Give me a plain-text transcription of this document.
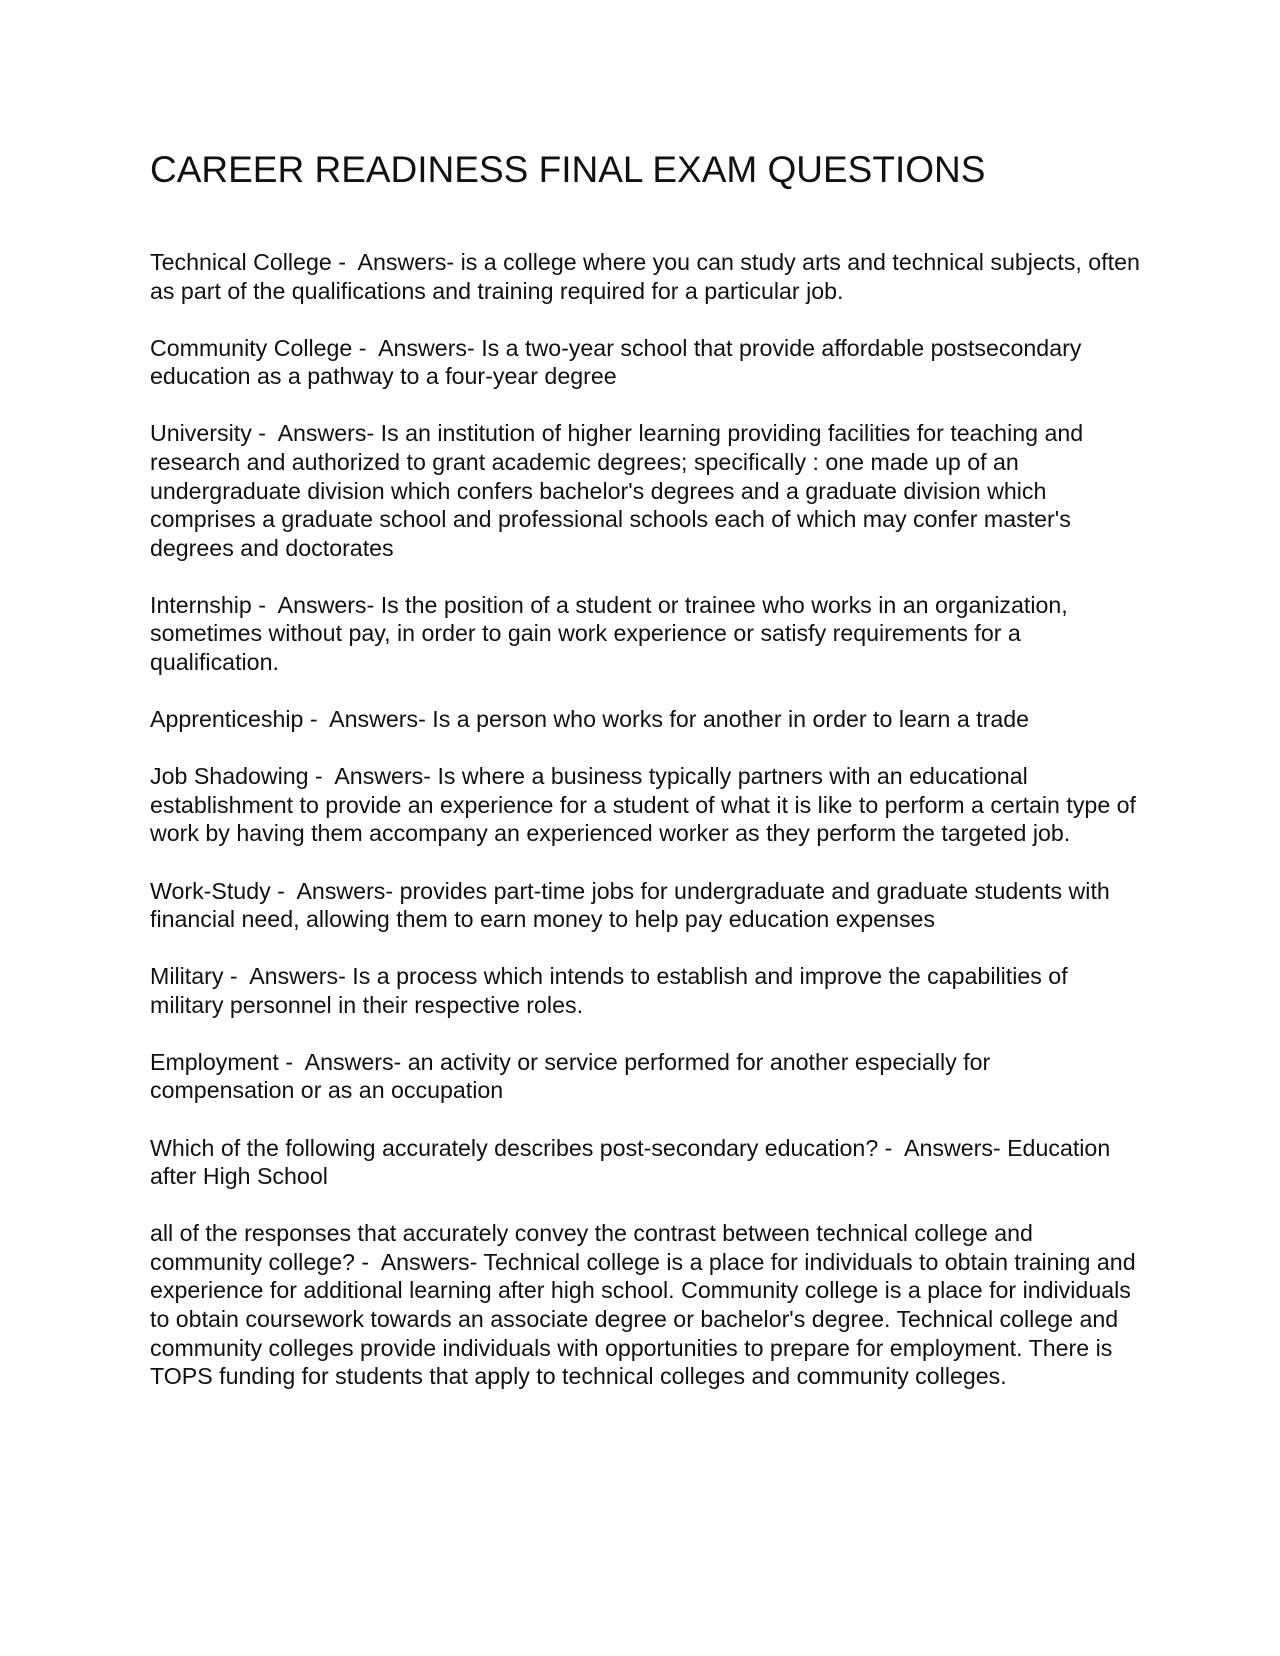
CAREER READINESS FINAL EXAM QUESTIONS

Technical College -  Answers- is a college where you can study arts and technical subjects, often as part of the qualifications and training required for a particular job.

Community College -  Answers- Is a two-year school that provide affordable postsecondary education as a pathway to a four-year degree

University -  Answers- Is an institution of higher learning providing facilities for teaching and research and authorized to grant academic degrees; specifically : one made up of an undergraduate division which confers bachelor's degrees and a graduate division which comprises a graduate school and professional schools each of which may confer master's degrees and doctorates

Internship -  Answers- Is the position of a student or trainee who works in an organization, sometimes without pay, in order to gain work experience or satisfy requirements for a qualification.

Apprenticeship -  Answers- Is a person who works for another in order to learn a trade

Job Shadowing -  Answers- Is where a business typically partners with an educational establishment to provide an experience for a student of what it is like to perform a certain type of work by having them accompany an experienced worker as they perform the targeted job.

Work-Study -  Answers- provides part-time jobs for undergraduate and graduate students with financial need, allowing them to earn money to help pay education expenses

Military -  Answers- Is a process which intends to establish and improve the capabilities of military personnel in their respective roles.

Employment -  Answers- an activity or service performed for another especially for compensation or as an occupation

Which of the following accurately describes post-secondary education? -  Answers- Education after High School

all of the responses that accurately convey the contrast between technical college and community college? -  Answers- Technical college is a place for individuals to obtain training and experience for additional learning after high school. Community college is a place for individuals to obtain coursework towards an associate degree or bachelor's degree. Technical college and community colleges provide individuals with opportunities to prepare for employment. There is TOPS funding for students that apply to technical colleges and community colleges.
